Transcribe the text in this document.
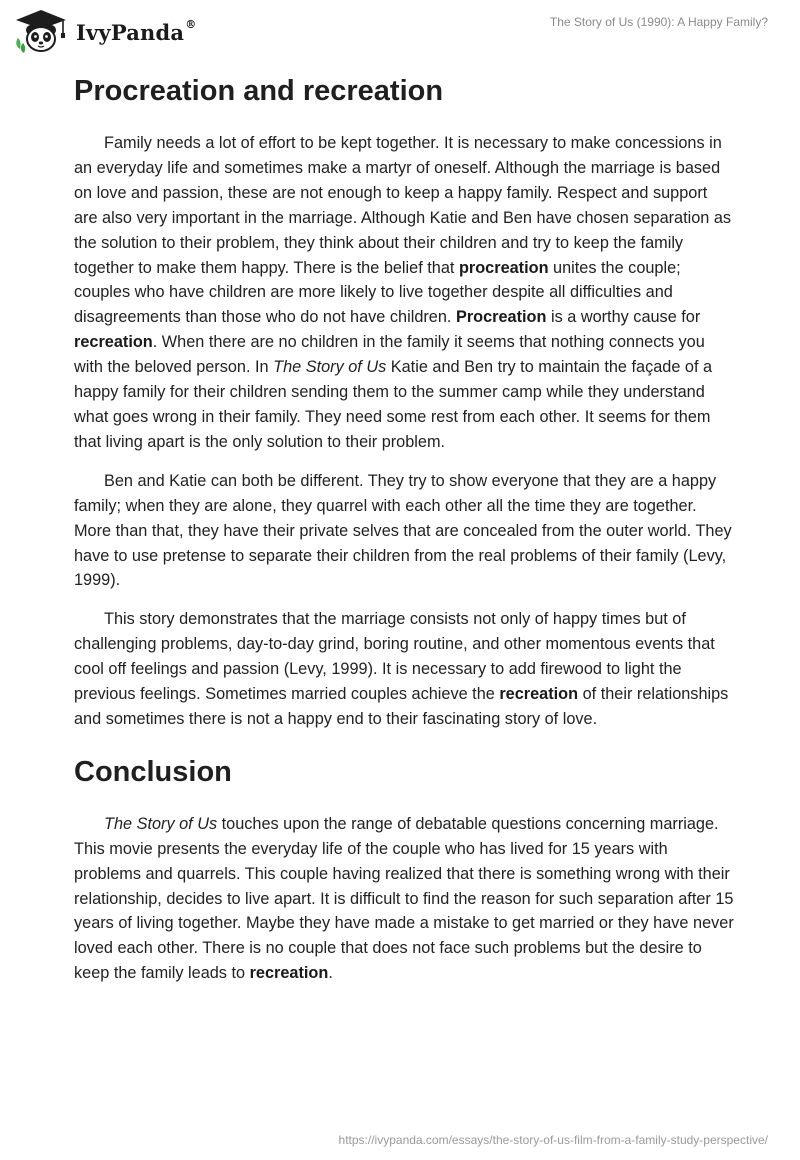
IvyPanda®	The Story of Us (1990): A Happy Family?
Procreation and recreation

Family needs a lot of effort to be kept together. It is necessary to make concessions in an everyday life and sometimes make a martyr of oneself. Although the marriage is based on love and passion, these are not enough to keep a happy family. Respect and support are also very important in the marriage. Although Katie and Ben have chosen separation as the solution to their problem, they think about their children and try to keep the family together to make them happy. There is the belief that procreation unites the couple; couples who have children are more likely to live together despite all difficulties and disagreements than those who do not have children. Procreation is a worthy cause for recreation. When there are no children in the family it seems that nothing connects you with the beloved person. In The Story of Us Katie and Ben try to maintain the façade of a happy family for their children sending them to the summer camp while they understand what goes wrong in their family. They need some rest from each other. It seems for them that living apart is the only solution to their problem.

Ben and Katie can both be different. They try to show everyone that they are a happy family; when they are alone, they quarrel with each other all the time they are together. More than that, they have their private selves that are concealed from the outer world. They have to use pretense to separate their children from the real problems of their family (Levy, 1999).

This story demonstrates that the marriage consists not only of happy times but of challenging problems, day-to-day grind, boring routine, and other momentous events that cool off feelings and passion (Levy, 1999). It is necessary to add firewood to light the previous feelings. Sometimes married couples achieve the recreation of their relationships and sometimes there is not a happy end to their fascinating story of love.

Conclusion

The Story of Us touches upon the range of debatable questions concerning marriage. This movie presents the everyday life of the couple who has lived for 15 years with problems and quarrels. This couple having realized that there is something wrong with their relationship, decides to live apart. It is difficult to find the reason for such separation after 15 years of living together. Maybe they have made a mistake to get married or they have never loved each other. There is no couple that does not face such problems but the desire to keep the family leads to recreation.

https://ivypanda.com/essays/the-story-of-us-film-from-a-family-study-perspective/
